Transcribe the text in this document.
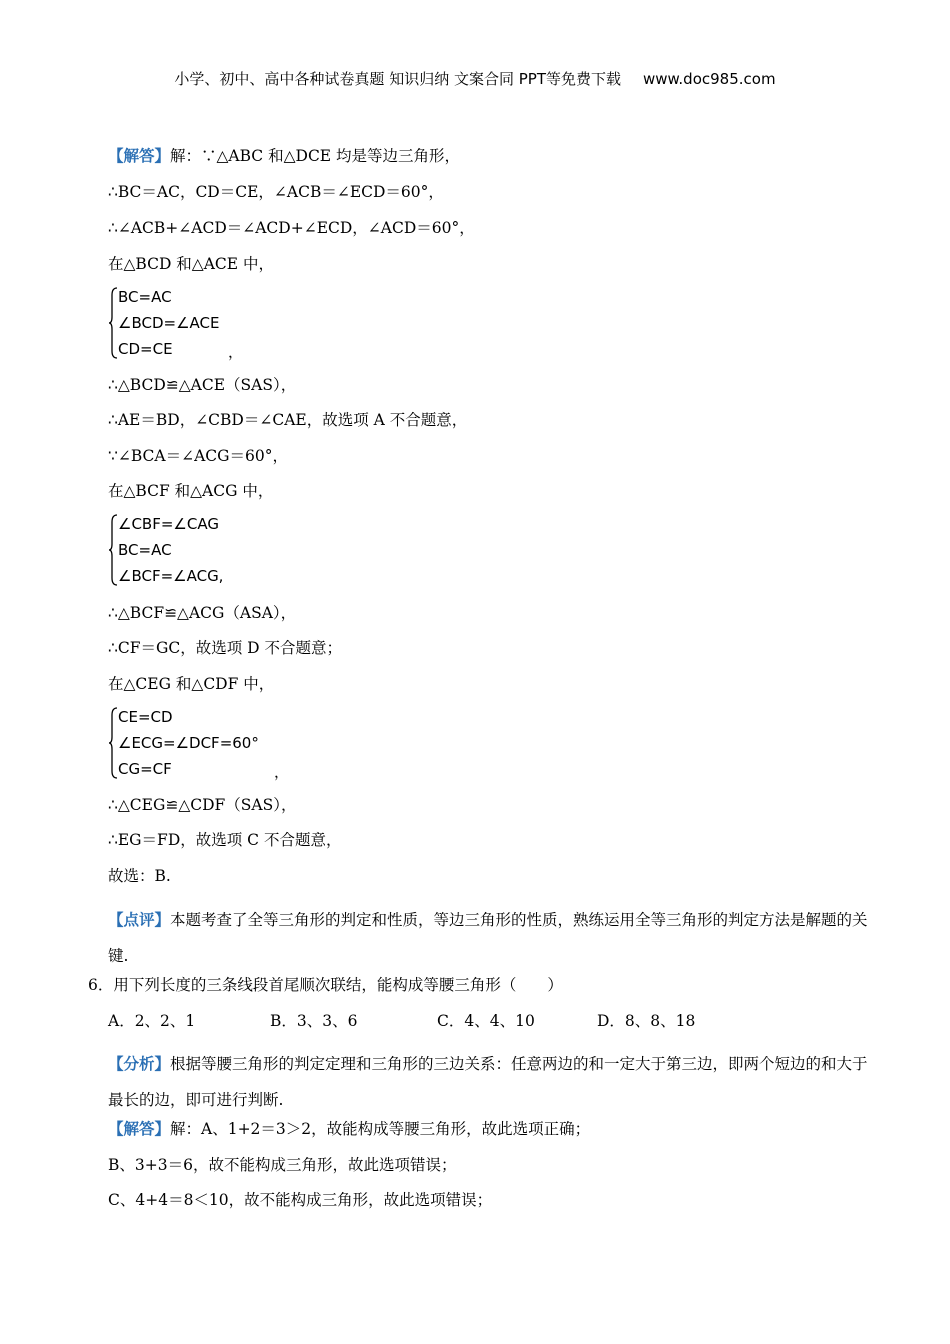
小学、初中、高中各种试卷真题 知识归纳 文案合同 PPT等免费下载 www.doc985.com
【解答】解：∵△ABC 和△DCE 均是等边三角形，
∴BC＝AC，CD＝CE，∠ACB＝∠ECD＝60°，
∴∠ACB+∠ACD＝∠ACD+∠ECD，∠ACD＝60°，
在△BCD 和△ACE 中，
BC=AC
∠BCD=∠ACE
CD=CE	，
∴△BCD≌△ACE（SAS），
∴AE＝BD，∠CBD＝∠CAE，故选项 A 不合题意，
∵∠BCA＝∠ACG＝60°，
在△BCF 和△ACG 中，
∠CBF=∠CAG
BC=AC
∠BCF=∠ACG,
∴△BCF≌△ACG（ASA），
∴CF＝GC，故选项 D 不合题意；
在△CEG 和△CDF 中，
CE=CD
∠ECG=∠DCF=60°
CG=CF	，
∴△CEG≌△CDF（SAS），
∴EG＝FD，故选项 C 不合题意，
故选：B.
【点评】本题考查了全等三角形的判定和性质，等边三角形的性质，熟练运用全等三角形的判定方法是解题的关键.
6．用下列长度的三条线段首尾顺次联结，能构成等腰三角形（　　）
A．2、2、1	B．3、3、6	C．4、4、10	D．8、8、18
【分析】根据等腰三角形的判定定理和三角形的三边关系：任意两边的和一定大于第三边，即两个短边的和大于最长的边，即可进行判断.
【解答】解：A、1+2＝3＞2，故能构成等腰三角形，故此选项正确；
B、3+3＝6，故不能构成三角形，故此选项错误；
C、4+4＝8＜10，故不能构成三角形，故此选项错误；
